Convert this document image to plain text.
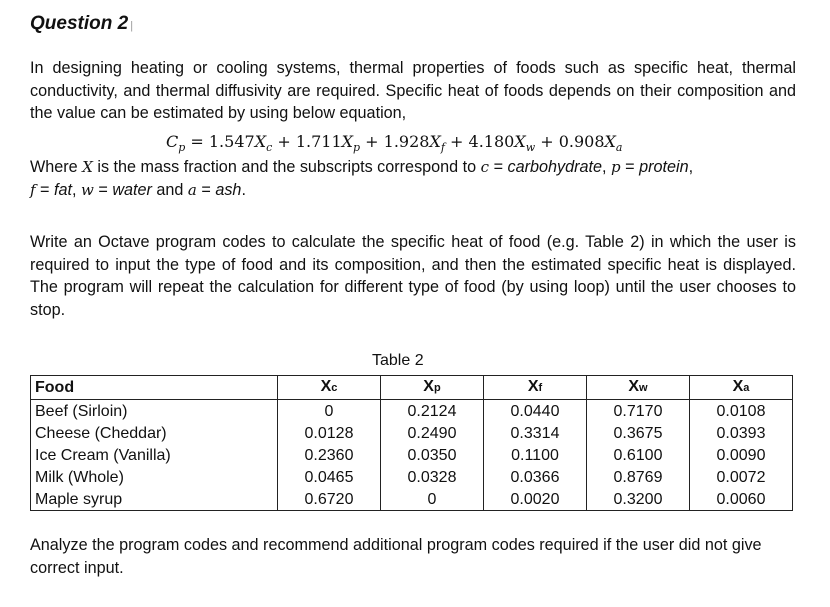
Question 2 |
In designing heating or cooling systems, thermal properties of foods such as specific heat, thermal conductivity, and thermal diffusivity are required. Specific heat of foods depends on their composition and the value can be estimated by using below equation,
$C_p = 1.547X_c + 1.711X_p + 1.928X_f + 4.180X_w + 0.908X_a$
Where X is the mass fraction and the subscripts correspond to c = carbohydrate, p = protein,
f = fat, w = water and a = ash.
Write an Octave program codes to calculate the specific heat of food (e.g. Table 2) in which the user is required to input the type of food and its composition, and then the estimated specific heat is displayed. The program will repeat the calculation for different type of food (by using loop) until the user chooses to stop.
Table 2
Food	Xc	Xp	Xf	Xw	Xa
Beef (Sirloin)	0	0.2124	0.0440	0.7170	0.0108
Cheese (Cheddar)	0.0128	0.2490	0.3314	0.3675	0.0393
Ice Cream (Vanilla)	0.2360	0.0350	0.1100	0.6100	0.0090
Milk (Whole)	0.0465	0.0328	0.0366	0.8769	0.0072
Maple syrup	0.6720	0	0.0020	0.3200	0.0060
Analyze the program codes and recommend additional program codes required if the user did not give correct input.
